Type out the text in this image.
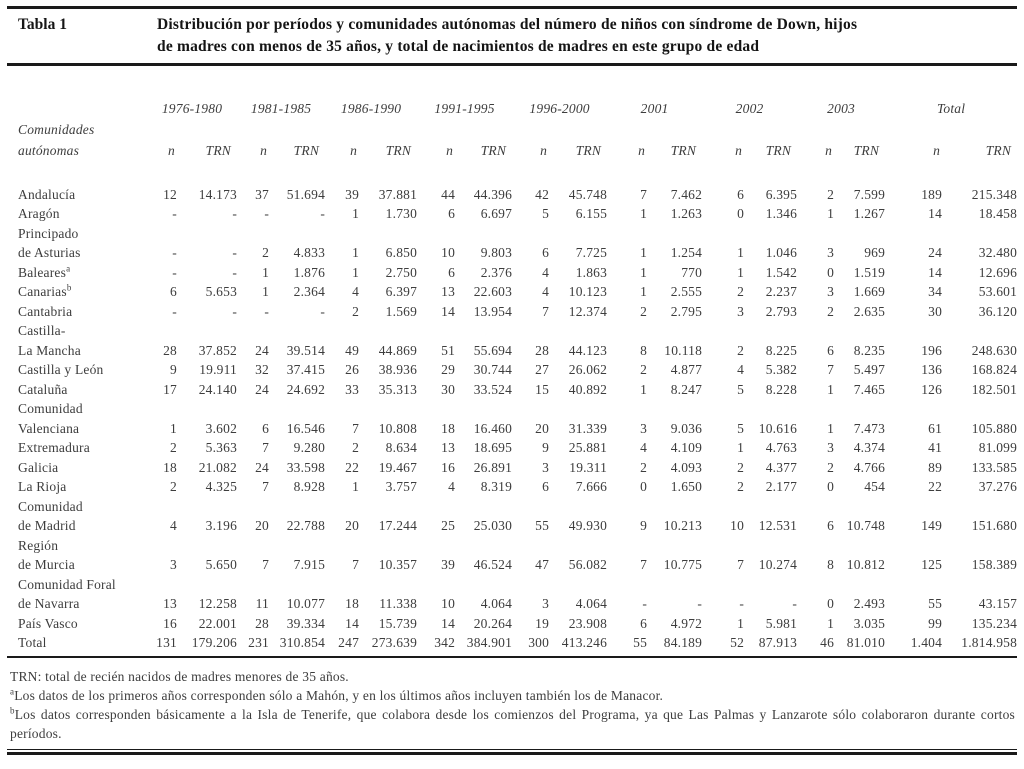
Tabla 1	Distribución por períodos y comunidades autónomas del número de niños con síndrome de Down, hijos
de madres con menos de 35 años, y total de nacimientos de madres en este grupo de edad
	1976-1980		1981-1985		1986-1990		1991-1995		1996-2000		2001		2002		2003		Total	
Comunidades																		
autónomas	n	TRN	n	TRN	n	TRN	n	TRN	n	TRN	n	TRN	n	TRN	n	TRN	n	TRN

Andalucía	12	14.173	37	51.694	39	37.881	44	44.396	42	45.748	7	7.462	6	6.395	2	7.599	189	215.348
Aragón	-	-	-	-	1	1.730	6	6.697	5	6.155	1	1.263	0	1.346	1	1.267	14	18.458
Principado																		
de Asturias	-	-	2	4.833	1	6.850	10	9.803	6	7.725	1	1.254	1	1.046	3	969	24	32.480
Baleares$^a$	-	-	1	1.876	1	2.750	6	2.376	4	1.863	1	770	1	1.542	0	1.519	14	12.696
Canarias$^b$	6	5.653	1	2.364	4	6.397	13	22.603	4	10.123	1	2.555	2	2.237	3	1.669	34	53.601
Cantabria	-	-	-	-	2	1.569	14	13.954	7	12.374	2	2.795	3	2.793	2	2.635	30	36.120
Castilla-																		
La Mancha	28	37.852	24	39.514	49	44.869	51	55.694	28	44.123	8	10.118	2	8.225	6	8.235	196	248.630
Castilla y León	9	19.911	32	37.415	26	38.936	29	30.744	27	26.062	2	4.877	4	5.382	7	5.497	136	168.824
Cataluña	17	24.140	24	24.692	33	35.313	30	33.524	15	40.892	1	8.247	5	8.228	1	7.465	126	182.501
Comunidad																		
Valenciana	1	3.602	6	16.546	7	10.808	18	16.460	20	31.339	3	9.036	5	10.616	1	7.473	61	105.880
Extremadura	2	5.363	7	9.280	2	8.634	13	18.695	9	25.881	4	4.109	1	4.763	3	4.374	41	81.099
Galicia	18	21.082	24	33.598	22	19.467	16	26.891	3	19.311	2	4.093	2	4.377	2	4.766	89	133.585
La Rioja	2	4.325	7	8.928	1	3.757	4	8.319	6	7.666	0	1.650	2	2.177	0	454	22	37.276
Comunidad																		
de Madrid	4	3.196	20	22.788	20	17.244	25	25.030	55	49.930	9	10.213	10	12.531	6	10.748	149	151.680
Región																		
de Murcia	3	5.650	7	7.915	7	10.357	39	46.524	47	56.082	7	10.775	7	10.274	8	10.812	125	158.389
Comunidad Foral																		
de Navarra	13	12.258	11	10.077	18	11.338	10	4.064	3	4.064	-	-	-	-	0	2.493	55	43.157
País Vasco	16	22.001	28	39.334	14	15.739	14	20.264	19	23.908	6	4.972	1	5.981	1	3.035	99	135.234
Total	131	179.206	231	310.854	247	273.639	342	384.901	300	413.246	55	84.189	52	87.913	46	81.010	1.404	1.814.958

TRN: total de recién nacidos de madres menores de 35 años.

$^a$Los datos de los primeros años corresponden sólo a Mahón, y en los últimos años incluyen también los de Manacor.

$^b$Los datos corresponden básicamente a la Isla de Tenerife, que colabora desde los comienzos del Programa, ya que Las Palmas y Lanzarote sólo colaboraron durante cortos períodos.
